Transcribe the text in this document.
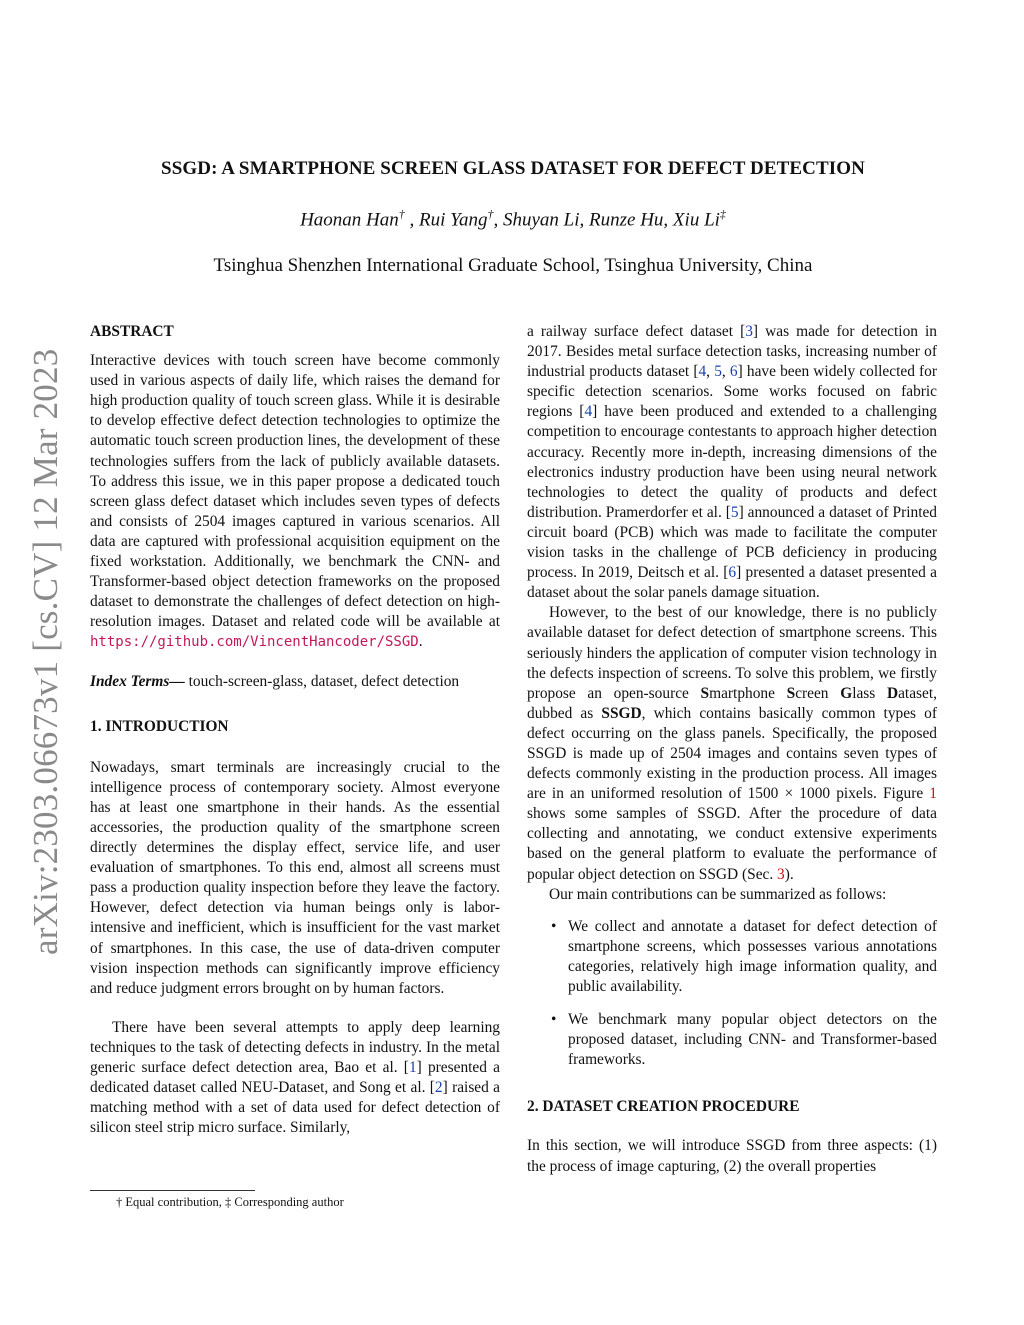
arXiv:2303.06673v1 [cs.CV] 12 Mar 2023
SSGD: A SMARTPHONE SCREEN GLASS DATASET FOR DEFECT DETECTION
Haonan Han† , Rui Yang†, Shuyan Li, Runze Hu, Xiu Li‡
Tsinghua Shenzhen International Graduate School, Tsinghua University, China

ABSTRACT

Interactive devices with touch screen have become commonly used in various aspects of daily life, which raises the demand for high production quality of touch screen glass. While it is desirable to develop effective defect detection technologies to optimize the automatic touch screen production lines, the development of these technologies suffers from the lack of publicly available datasets. To address this issue, we in this paper propose a dedicated touch screen glass defect dataset which includes seven types of defects and consists of 2504 images captured in various scenarios. All data are captured with professional acquisition equipment on the fixed workstation. Additionally, we benchmark the CNN- and Transformer-based object detection frameworks on the proposed dataset to demonstrate the challenges of defect detection on high-resolution images. Dataset and related code will be available at https://github.com/VincentHancoder/SSGD.

Index Terms— touch-screen-glass, dataset, defect detection

1. INTRODUCTION

Nowadays, smart terminals are increasingly crucial to the intelligence process of contemporary society. Almost everyone has at least one smartphone in their hands. As the essential accessories, the production quality of the smartphone screen directly determines the display effect, service life, and user evaluation of smartphones. To this end, almost all screens must pass a production quality inspection before they leave the factory. However, defect detection via human beings only is labor-intensive and inefficient, which is insufficient for the vast market of smartphones. In this case, the use of data-driven computer vision inspection methods can significantly improve efficiency and reduce judgment errors brought on by human factors.

There have been several attempts to apply deep learning techniques to the task of detecting defects in industry. In the metal generic surface defect detection area, Bao et al. [1] presented a dedicated dataset called NEU-Dataset, and Song et al. [2] raised a matching method with a set of data used for defect detection of silicon steel strip micro surface. Similarly,

a railway surface defect dataset [3] was made for detection in 2017. Besides metal surface detection tasks, increasing number of industrial products dataset [4, 5, 6] have been widely collected for specific detection scenarios. Some works focused on fabric regions [4] have been produced and extended to a challenging competition to encourage contestants to approach higher detection accuracy. Recently more in-depth, increasing dimensions of the electronics industry production have been using neural network technologies to detect the quality of products and defect distribution. Pramerdorfer et al. [5] announced a dataset of Printed circuit board (PCB) which was made to facilitate the computer vision tasks in the challenge of PCB deficiency in producing process. In 2019, Deitsch et al. [6] presented a dataset presented a dataset about the solar panels damage situation.

However, to the best of our knowledge, there is no publicly available dataset for defect detection of smartphone screens. This seriously hinders the application of computer vision technology in the defects inspection of screens. To solve this problem, we firstly propose an open-source Smartphone Screen Glass Dataset, dubbed as SSGD, which contains basically common types of defect occurring on the glass panels. Specifically, the proposed SSGD is made up of 2504 images and contains seven types of defects commonly existing in the production process. All images are in an uniformed resolution of 1500 × 1000 pixels. Figure 1 shows some samples of SSGD. After the procedure of data collecting and annotating, we conduct extensive experiments based on the general platform to evaluate the performance of popular object detection on SSGD (Sec. 3).

Our main contributions can be summarized as follows:

• We collect and annotate a dataset for defect detection of smartphone screens, which possesses various annotations categories, relatively high image information quality, and public availability.
• We benchmark many popular object detectors on the proposed dataset, including CNN- and Transformer-based frameworks.

2. DATASET CREATION PROCEDURE

In this section, we will introduce SSGD from three aspects: (1) the process of image capturing, (2) the overall properties

† Equal contribution, ‡ Corresponding author
